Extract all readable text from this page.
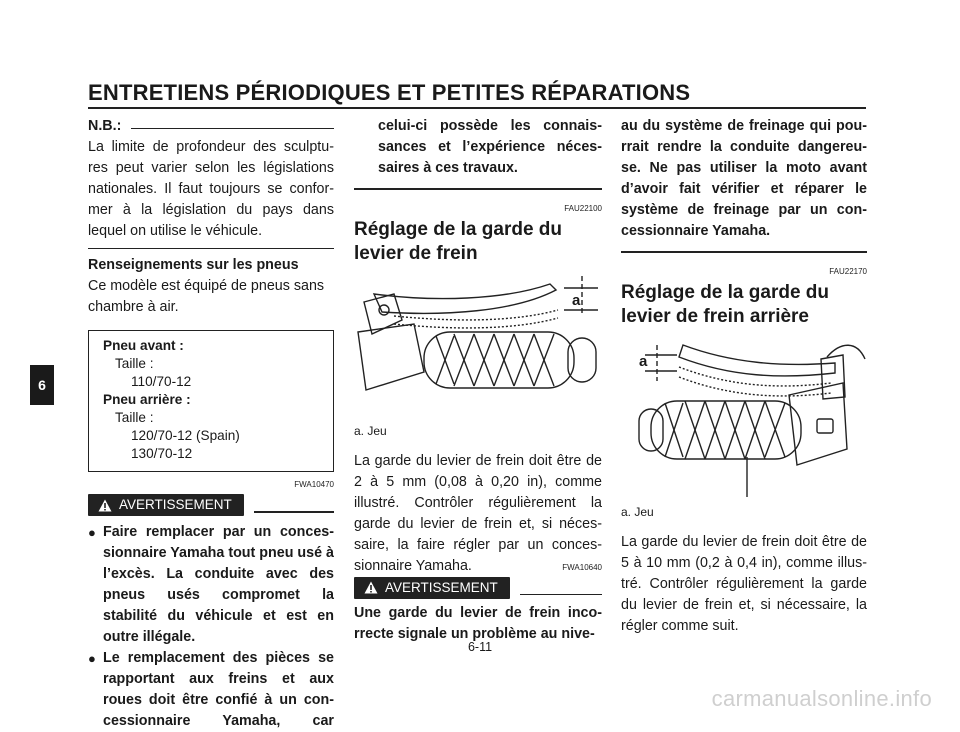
ENTRETIENS PÉRIODIQUES ET PETITES RÉPARATIONS
6
N.B.:
La limite de profondeur des sculptu-res peut varier selon les législations nationales. Il faut toujours se confor-mer à la législation du pays dans lequel on utilise le véhicule.
Renseignements sur les pneus
Ce modèle est équipé de pneus sans chambre à air.
Pneu avant :
Taille :
110/70-12
Pneu arrière :
Taille :
120/70-12 (Spain)
130/70-12
FWA10470
AVERTISSEMENT
● Faire remplacer par un conces-sionnaire Yamaha tout pneu usé à l’excès. La conduite avec des pneus usés compromet la stabilité du véhicule et est en outre illégale.
● Le remplacement des pièces se rapportant aux freins et aux roues doit être confié à un con-cessionnaire Yamaha, car
celui-ci possède les connais-sances et l’expérience néces-saires à ces travaux.
FAU22100
Réglage de la garde du levier de frein
a
a. Jeu
La garde du levier de frein doit être de 2 à 5 mm (0,08 à 0,20 in), comme illustré. Contrôler régulièrement la garde du levier de frein et, si néces-saire, la faire régler par un conces-sionnaire Yamaha.	FWA10640
AVERTISSEMENT
Une garde du levier de frein inco-rrecte signale un problème au nive-
au du système de freinage qui pou-rrait rendre la conduite dangereu-se. Ne pas utiliser la moto avant d’avoir fait vérifier et réparer le système de freinage par un con-cessionnaire Yamaha.
FAU22170
Réglage de la garde du levier de frein arrière
a
a. Jeu
La garde du levier de frein doit être de 5 à 10 mm (0,2 à 0,4 in), comme illus-tré. Contrôler régulièrement la garde du levier de frein et, si nécessaire, la régler comme suit.
6-11
carmanualsonline.info
